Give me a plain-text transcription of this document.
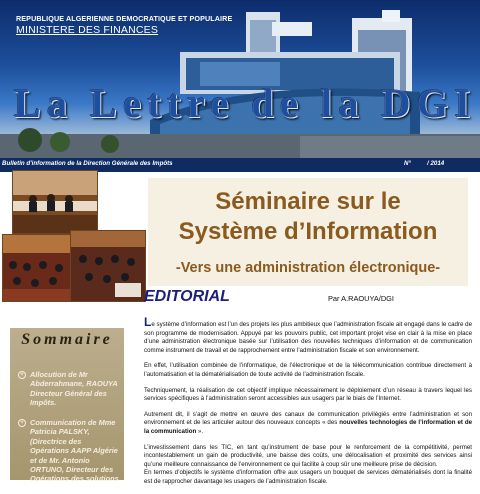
REPUBLIQUE ALGERIENNE DEMOCRATIQUE ET POPULAIRE
MINISTERE DES FINANCES
La Lettre de la DGI
Bulletin d'information de la Direction Générale des Impôts	N°	/ 2014
Séminaire sur le
Système d’Information
-Vers une administration électronique-
EDITORIAL	Par A.RAOUYA/DGI

Le système d’information est l’un des projets les plus ambitieux que l’administration fiscale ait engagé dans le cadre de son programme de modernisation. Appuyé par les pouvoirs public, cet important projet vise en clair à la mise en place d’une administration électronique basée sur l’utilisation des nouvelles techniques d’information et de communication comme instrument de travail et de rapprochement entre l’administration fiscale et son environnement.

En effet, l’utilisation combinée de l’informatique, de l’électronique et de la télécommunication contribue directement à l’automatisation et la dématérialisation de toute activité de l’administration fiscale.

Techniquement, la réalisation de cet objectif implique nécessairement le déploiement d’un réseau à travers lequel les services spécifiques à l’administration seront accessibles aux usagers par le biais de l’Internet.

Autrement dit, il s’agit de mettre en œuvre des canaux de communication privilégiés entre l’administration et son environnement et de les articuler autour des nouveaux concepts « des nouvelles technologies de l’information et de la communication ».

L’investissement dans les TIC, en tant qu’instrument de base pour le renforcement de la compétitivité, permet incontestablement un gain de productivité, une baisse des coûts, une délocalisation et proximité des services ainsi qu’une meilleure connaissance de l’environnement ce qui facilite à coup sûr une meilleure prise de décision.

En termes d’objectifs le système d’information offre aux usagers un bouquet de services dématérialisés dont la finalité est de rapprocher davantage les usagers de l’administration fiscale.

Sommaire
+ Allocution de Mr Abderrahmane, RAOUYA Directeur Général des Impôts.
+ Communication de Mme Patricia PALSKY, (Directrice des Opérations AAPP Algérie et de Mr. Antonio ORTUNO, Directeur des Opérations des solutions
